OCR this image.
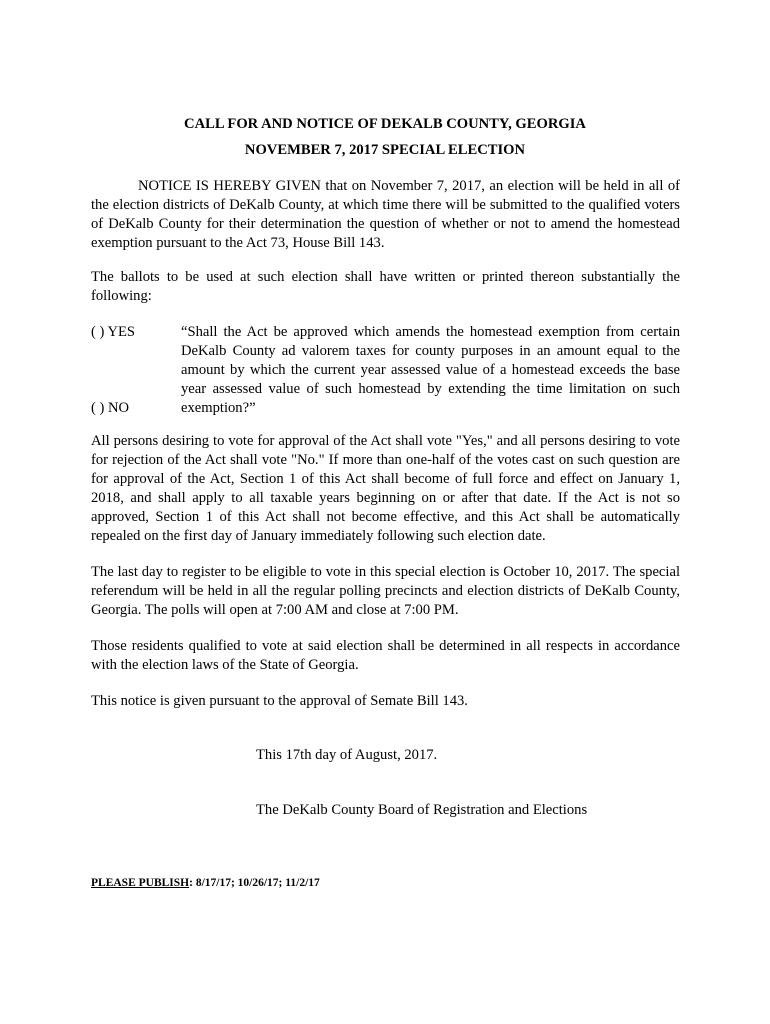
CALL FOR AND NOTICE OF DEKALB COUNTY, GEORGIA
NOVEMBER 7, 2017 SPECIAL ELECTION

NOTICE IS HEREBY GIVEN that on November 7, 2017, an election will be held in all of the election districts of DeKalb County, at which time there will be submitted to the qualified voters of DeKalb County for their determination the question of whether or not to amend the homestead exemption pursuant to the Act 73, House Bill 143.

The ballots to be used at such election shall have written or printed thereon substantially the following:

( ) YES
( ) NO
“Shall the Act be approved which amends the homestead exemption from certain DeKalb County ad valorem taxes for county purposes in an amount equal to the amount by which the current year assessed value of a homestead exceeds the base year assessed value of such homestead by extending the time limitation on such exemption?”

All persons desiring to vote for approval of the Act shall vote "Yes," and all persons desiring to vote for rejection of the Act shall vote "No." If more than one-half of the votes cast on such question are for approval of the Act, Section 1 of this Act shall become of full force and effect on January 1, 2018, and shall apply to all taxable years beginning on or after that date. If the Act is not so approved, Section 1 of this Act shall not become effective, and this Act shall be automatically repealed on the first day of January immediately following such election date.

The last day to register to be eligible to vote in this special election is October 10, 2017. The special referendum will be held in all the regular polling precincts and election districts of DeKalb County, Georgia. The polls will open at 7:00 AM and close at 7:00 PM.

Those residents qualified to vote at said election shall be determined in all respects in accordance with the election laws of the State of Georgia.

This notice is given pursuant to the approval of Semate Bill 143.

This 17th day of August, 2017.
The DeKalb County Board of Registration and Elections
PLEASE PUBLISH: 8/17/17; 10/26/17; 11/2/17
